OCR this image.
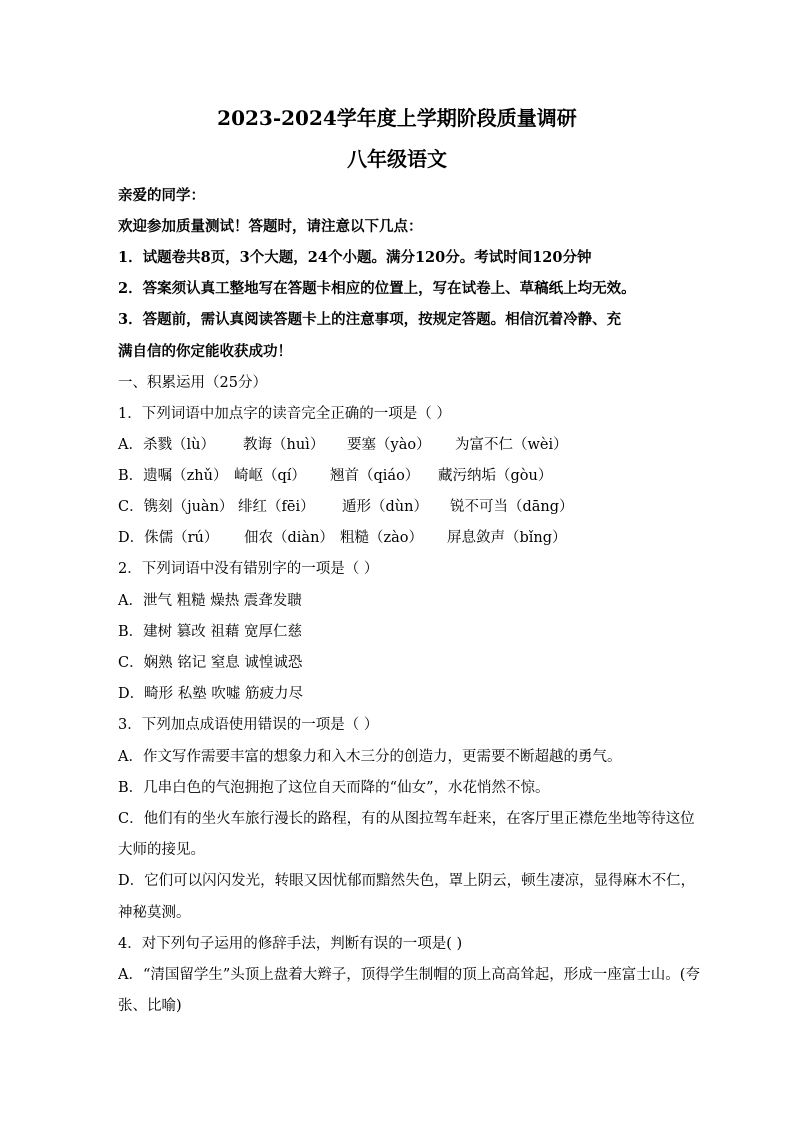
2023-2024学年度上学期阶段质量调研
八年级语文
亲爱的同学：
欢迎参加质量测试！答题时，请注意以下几点：
1．试题卷共8页，3个大题，24个小题。满分120分。考试时间120分钟
2．答案须认真工整地写在答题卡相应的位置上，写在试卷上、草稿纸上均无效。
3．答题前，需认真阅读答题卡上的注意事项，按规定答题。相信沉着冷静、充
满自信的你定能收获成功！
一、积累运用（25分）
1．下列词语中加点字的读音完全正确的一项是（ ）
A．杀戮（lù） 教诲（huì） 要塞（yào） 为富不仁（wèi）
B．遗嘱（zhǔ） 崎岖（qí） 翘首（qiáo） 藏污纳垢（gòu）
C．镌刻（juàn） 绯红（fēi） 遁形（dùn） 锐不可当（dāng）
D．侏儒（rú） 佃农（diàn） 粗糙（zào） 屏息敛声（bǐng）
2．下列词语中没有错别字的一项是（ ）
A．泄气 粗糙 燥热 震聋发聩
B．建树 篡改 祖藉 宽厚仁慈
C．娴熟 铭记 窒息 诚惶诚恐
D．畸形 私塾 吹嘘 筋疲力尽
3．下列加点成语使用错误的一项是（ ）
A．作文写作需要丰富的想象力和入木三分的创造力，更需要不断超越的勇气。
B．几串白色的气泡拥抱了这位自天而降的“仙女”，水花悄然不惊。
C．他们有的坐火车旅行漫长的路程，有的从图拉驾车赶来，在客厅里正襟危坐地等待这位
大师的接见。
D．它们可以闪闪发光，转眼又因忧郁而黯然失色，罩上阴云，顿生凄凉，显得麻木不仁，
神秘莫测。
4．对下列句子运用的修辞手法，判断有误的一项是( )
A．“清国留学生”头顶上盘着大辫子，顶得学生制帽的顶上高高耸起，形成一座富士山。(夸
张、比喻)
